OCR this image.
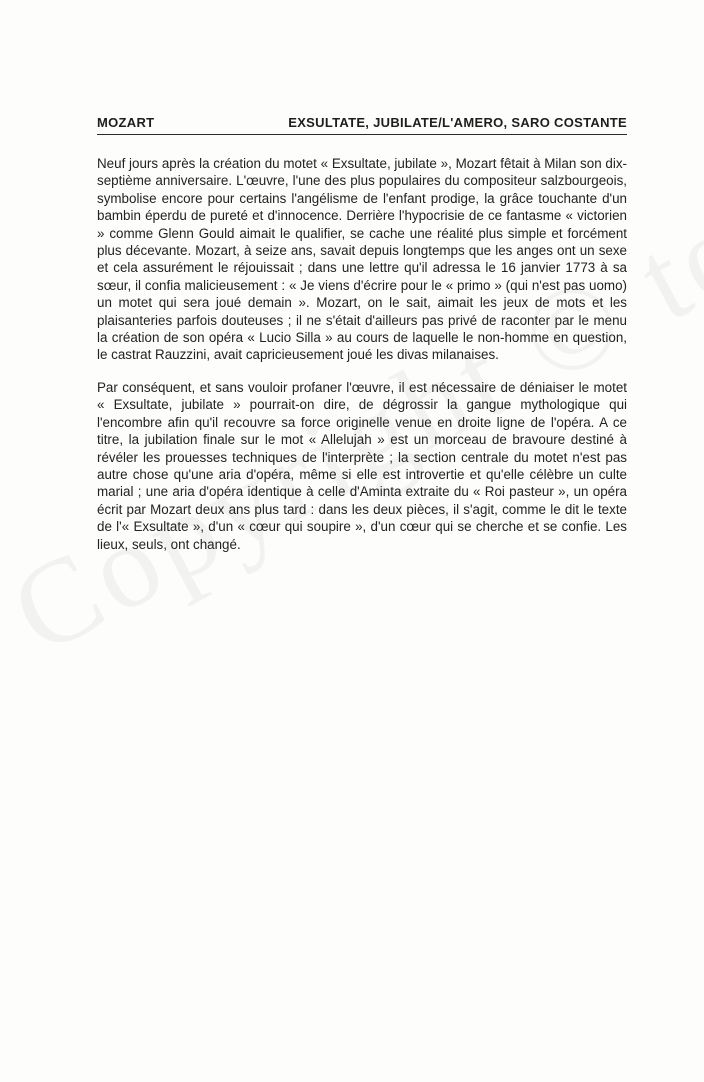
MOZART	EXSULTATE, JUBILATE/L'AMERO, SARO COSTANTE

Neuf jours après la création du motet « Exsultate, jubilate », Mozart fêtait à Milan son dix-septième anniversaire. L'œuvre, l'une des plus populaires du compositeur salzbourgeois, symbolise encore pour certains l'angélisme de l'enfant prodige, la grâce touchante d'un bambin éperdu de pureté et d'innocence. Derrière l'hypocrisie de ce fantasme « victorien » comme Glenn Gould aimait le qualifier, se cache une réalité plus simple et forcément plus décevante. Mozart, à seize ans, savait depuis longtemps que les anges ont un sexe et cela assurément le réjouissait ; dans une lettre qu'il adressa le 16 janvier 1773 à sa sœur, il confia malicieusement : « Je viens d'écrire pour le « primo » (qui n'est pas uomo) un motet qui sera joué demain ». Mozart, on le sait, aimait les jeux de mots et les plaisanteries parfois douteuses ; il ne s'était d'ailleurs pas privé de raconter par le menu la création de son opéra « Lucio Silla » au cours de laquelle le non-homme en question, le castrat Rauzzini, avait capricieusement joué les divas milanaises.

Par conséquent, et sans vouloir profaner l'œuvre, il est nécessaire de déniaiser le motet « Exsultate, jubilate » pourrait-on dire, de dégrossir la gangue mythologique qui l'encombre afin qu'il recouvre sa force originelle venue en droite ligne de l'opéra. A ce titre, la jubilation finale sur le mot « Allelujah » est un morceau de bravoure destiné à révéler les prouesses techniques de l'interprète ; la section centrale du motet n'est pas autre chose qu'une aria d'opéra, même si elle est introvertie et qu'elle célèbre un culte marial ; une aria d'opéra identique à celle d'Aminta extraite du « Roi pasteur », un opéra écrit par Mozart deux ans plus tard : dans les deux pièces, il s'agit, comme le dit le texte de l'« Exsultate », d'un « cœur qui soupire », d'un cœur qui se cherche et se confie. Les lieux, seuls, ont changé.
